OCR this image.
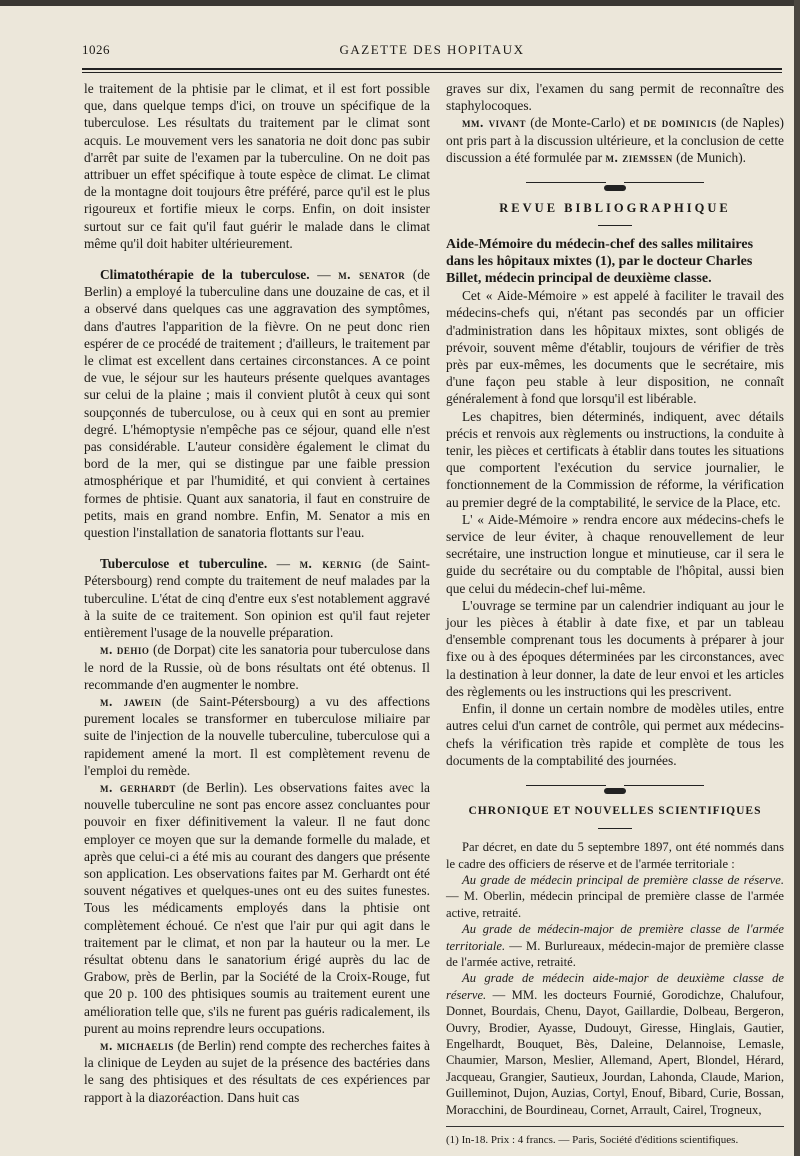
1026	GAZETTE DES HOPITAUX

le traitement de la phtisie par le climat, et il est fort possible que, dans quelque temps d'ici, on trouve un spécifique de la tuberculose. Les résultats du traitement par le climat sont acquis. Le mouvement vers les sanatoria ne doit donc pas subir d'arrêt par suite de l'examen par la tuberculine. On ne doit pas attribuer un effet spécifique à toute espèce de climat. Le climat de la montagne doit toujours être préféré, parce qu'il est le plus rigoureux et fortifie mieux le corps. Enfin, on doit insister surtout sur ce fait qu'il faut guérir le malade dans le climat même qu'il doit habiter ultérieurement.

Climatothérapie de la tuberculose. — m. senator (de Berlin) a employé la tuberculine dans une douzaine de cas, et il a observé dans quelques cas une aggravation des symptômes, dans d'autres l'apparition de la fièvre. On ne peut donc rien espérer de ce procédé de traitement ; d'ailleurs, le traitement par le climat est excellent dans certaines circonstances. A ce point de vue, le séjour sur les hauteurs présente quelques avantages sur celui de la plaine ; mais il convient plutôt à ceux qui sont soupçonnés de tuberculose, ou à ceux qui en sont au premier degré. L'hémoptysie n'empêche pas ce séjour, quand elle n'est pas considérable. L'auteur considère également le climat du bord de la mer, qui se distingue par une faible pression atmosphérique et par l'humidité, et qui convient à certaines formes de phtisie. Quant aux sanatoria, il faut en construire de petits, mais en grand nombre. Enfin, M. Senator a mis en question l'installation de sanatoria flottants sur l'eau.

Tuberculose et tuberculine. — m. kernig (de Saint-Pétersbourg) rend compte du traitement de neuf malades par la tuberculine. L'état de cinq d'entre eux s'est notablement aggravé à la suite de ce traitement. Son opinion est qu'il faut rejeter entièrement l'usage de la nouvelle préparation.

m. dehio (de Dorpat) cite les sanatoria pour tuberculose dans le nord de la Russie, où de bons résultats ont été obtenus. Il recommande d'en augmenter le nombre.

m. jawein (de Saint-Pétersbourg) a vu des affections purement locales se transformer en tuberculose miliaire par suite de l'injection de la nouvelle tuberculine, tuberculose qui a rapidement amené la mort. Il est complètement revenu de l'emploi du remède.

m. gerhardt (de Berlin). Les observations faites avec la nouvelle tuberculine ne sont pas encore assez concluantes pour pouvoir en fixer définitivement la valeur. Il ne faut donc employer ce moyen que sur la demande formelle du malade, et après que celui-ci a été mis au courant des dangers que présente son application. Les observations faites par M. Gerhardt ont été souvent négatives et quelques-unes ont eu des suites funestes. Tous les médicaments employés dans la phtisie ont complètement échoué. Ce n'est que l'air pur qui agit dans le traitement par le climat, et non par la hauteur ou la mer. Le résultat obtenu dans le sanatorium érigé auprès du lac de Grabow, près de Berlin, par la Société de la Croix-Rouge, fut que 20 p. 100 des phtisiques soumis au traitement eurent une amélioration telle que, s'ils ne furent pas guéris radicalement, ils purent au moins reprendre leurs occupations.

m. michaelis (de Berlin) rend compte des recherches faites à la clinique de Leyden au sujet de la présence des bactéries dans le sang des phtisiques et des résultats de ces expériences par rapport à la diazoréaction. Dans huit cas

graves sur dix, l'examen du sang permit de reconnaître des staphylocoques.

mm. vivant (de Monte-Carlo) et de dominicis (de Naples) ont pris part à la discussion ultérieure, et la conclusion de cette discussion a été formulée par m. ziemssen (de Munich).

REVUE BIBLIOGRAPHIQUE

Aide-Mémoire du médecin-chef des salles militaires dans les hôpitaux mixtes (1), par le docteur Charles Billet, médecin principal de deuxième classe.

Cet « Aide-Mémoire » est appelé à faciliter le travail des médecins-chefs qui, n'étant pas secondés par un officier d'administration dans les hôpitaux mixtes, sont obligés de prévoir, souvent même d'établir, toujours de vérifier de très près par eux-mêmes, les documents que le secrétaire, mis d'une façon peu stable à leur disposition, ne connaît généralement à fond que lorsqu'il est libérable.

Les chapitres, bien déterminés, indiquent, avec détails précis et renvois aux règlements ou instructions, la conduite à tenir, les pièces et certificats à établir dans toutes les situations que comportent l'exécution du service journalier, le fonctionnement de la Commission de réforme, la vérification au premier degré de la comptabilité, le service de la Place, etc.

L' « Aide-Mémoire » rendra encore aux médecins-chefs le service de leur éviter, à chaque renouvellement de leur secrétaire, une instruction longue et minutieuse, car il sera le guide du secrétaire ou du comptable de l'hôpital, aussi bien que celui du médecin-chef lui-même.

L'ouvrage se termine par un calendrier indiquant au jour le jour les pièces à établir à date fixe, et par un tableau d'ensemble comprenant tous les documents à préparer à jour fixe ou à des époques déterminées par les circonstances, avec la destination à leur donner, la date de leur envoi et les articles des règlements ou les instructions qui les prescrivent.

Enfin, il donne un certain nombre de modèles utiles, entre autres celui d'un carnet de contrôle, qui permet aux médecins-chefs la vérification très rapide et complète de tous les documents de la comptabilité des journées.

CHRONIQUE ET NOUVELLES SCIENTIFIQUES

Par décret, en date du 5 septembre 1897, ont été nommés dans le cadre des officiers de réserve et de l'armée territoriale :

Au grade de médecin principal de première classe de réserve. — M. Oberlin, médecin principal de première classe de l'armée active, retraité.

Au grade de médecin-major de première classe de l'armée territoriale. — M. Burlureaux, médecin-major de première classe de l'armée active, retraité.

Au grade de médecin aide-major de deuxième classe de réserve. — MM. les docteurs Fournié, Gorodichze, Chalufour, Donnet, Bourdais, Chenu, Dayot, Gaillardie, Dolbeau, Bergeron, Ouvry, Brodier, Ayasse, Dudouyt, Giresse, Hinglais, Gautier, Engelhardt, Bouquet, Bès, Daleine, Delannoise, Lemasle, Chaumier, Marson, Meslier, Allemand, Apert, Blondel, Hérard, Jacqueau, Grangier, Sautieux, Jourdan, Lahonda, Claude, Marion, Guilleminot, Dujon, Auzias, Cortyl, Enouf, Bibard, Curie, Bossan, Moracchini, de Bourdineau, Cornet, Arrault, Cairel, Trogneux,

(1) In-18. Prix : 4 francs. — Paris, Société d'éditions scientifiques.
